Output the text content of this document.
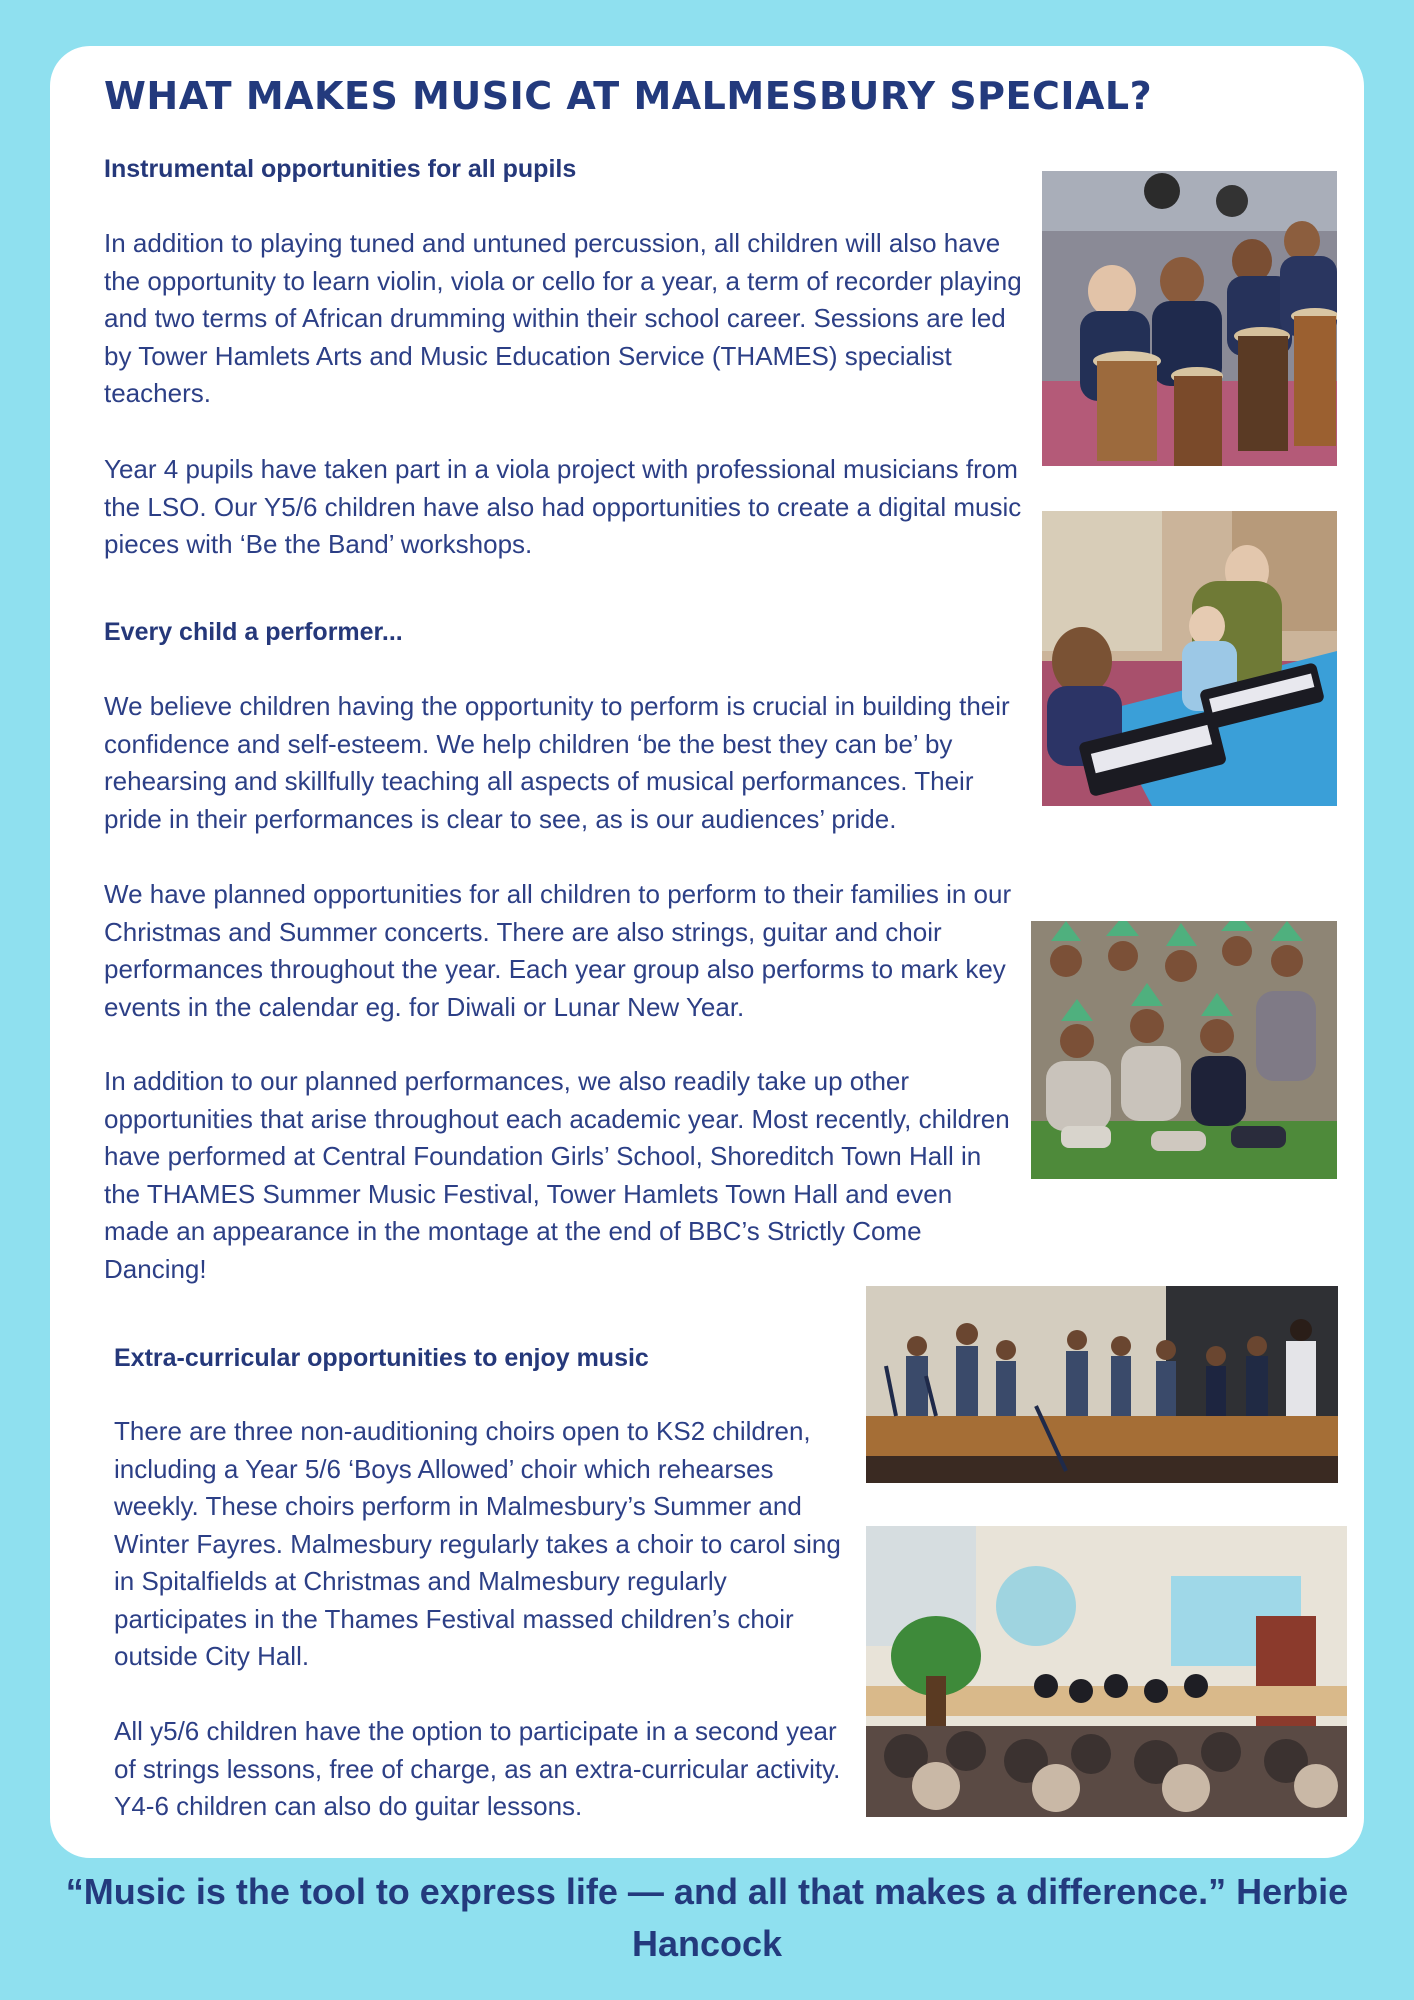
WHAT MAKES MUSIC AT MALMESBURY SPECIAL?
Instrumental opportunities for all pupils

In addition to playing tuned and untuned percussion, all children will also have the opportunity to learn violin, viola or cello for a year, a term of recorder playing and two terms of African drumming within their school career. Sessions are led by Tower Hamlets Arts and Music Education Service (THAMES) specialist teachers.

Year 4 pupils have taken part in a viola project with professional musicians from the LSO. Our Y5/6 children have also had opportunities to create a digital music pieces with ‘Be the Band’ workshops.

Every child a performer...

We believe children having the opportunity to perform is crucial in building their confidence and self-esteem. We help children ‘be the best they can be’ by rehearsing and skillfully teaching all aspects of musical performances. Their pride in their performances is clear to see, as is our audiences’ pride.

We have planned opportunities for all children to perform to their families in our Christmas and Summer concerts. There are also strings, guitar and choir performances throughout the year. Each year group also performs to mark key events in the calendar eg. for Diwali or Lunar New Year.

In addition to our planned performances, we also readily take up other opportunities that arise throughout each academic year. Most recently, children have performed at Central Foundation Girls’ School, Shoreditch Town Hall in the THAMES Summer Music Festival, Tower Hamlets Town Hall and even made an appearance in the montage at the end of BBC’s Strictly Come Dancing!

Extra-curricular opportunities to enjoy music

There are three non-auditioning choirs open to KS2 children, including a Year 5/6 ‘Boys Allowed’ choir which rehearses weekly. These choirs perform in Malmesbury’s Summer and Winter Fayres. Malmesbury regularly takes a choir to carol sing in Spitalfields at Christmas and Malmesbury regularly participates in the Thames Festival massed children’s choir outside City Hall.

All y5/6 children have the option to participate in a second year of strings lessons, free of charge, as an extra-curricular activity. Y4-6 children can also do guitar lessons.

“Music is the tool to express life — and all that makes a difference.” Herbie Hancock
